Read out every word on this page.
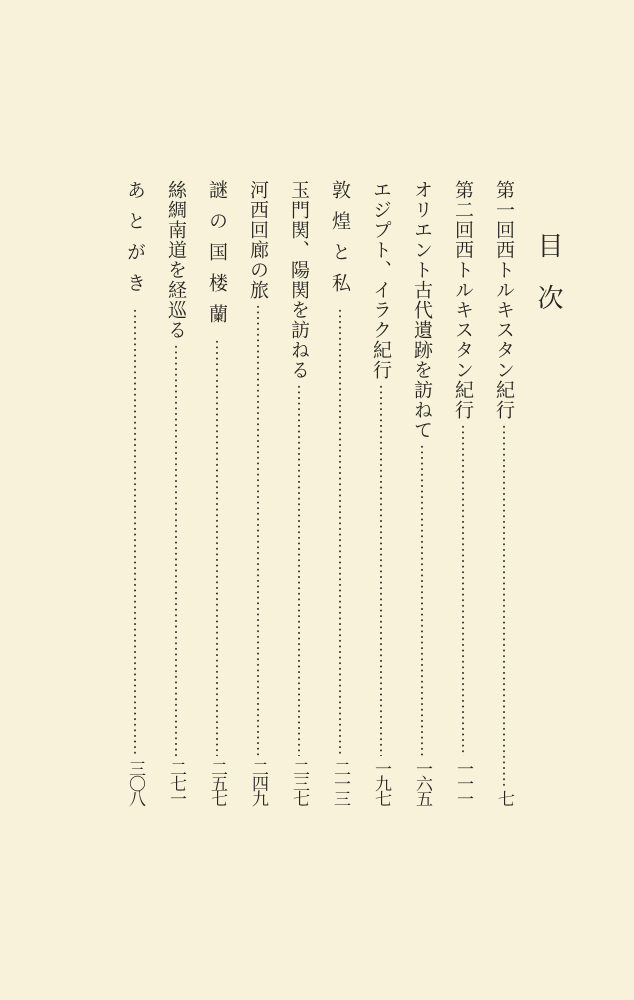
目次
第一回西トルキスタン紀行
七
第二回西トルキスタン紀行
一一一
オリエント古代遺跡を訪ねて
一六五
エジプト、イラク紀行
一九七
敦煌と私
二一三
玉門関、陽関を訪ねる
二三七
河西回廊の旅
二四九
謎の国楼蘭
二五七
絲綢南道を経巡る
二七一
あとがき
三〇八
